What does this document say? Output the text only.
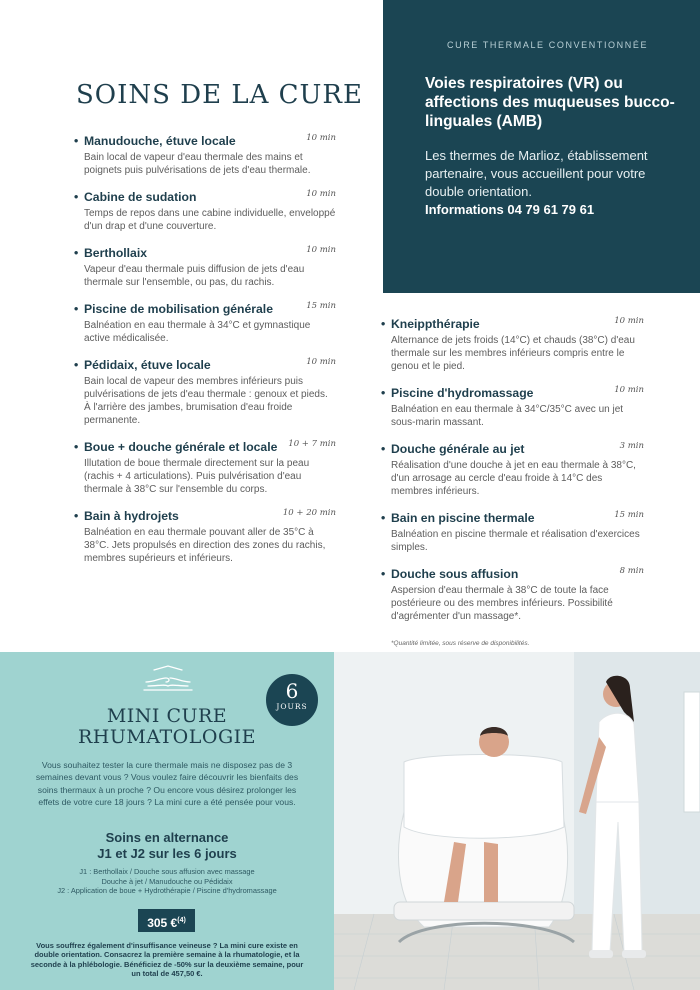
SOINS DE LA CURE
CURE THERMALE CONVENTIONNÉE
Voies respiratoires (VR) ou affections des muqueuses bucco-linguales (AMB)
Les thermes de Marlioz, établissement partenaire, vous accueillent pour votre double orientation.
Informations 04 79 61 79 61
• Manudouche, étuve locale	10 min
Bain local de vapeur d'eau thermale des mains et poignets puis pulvérisations de jets d'eau thermale.
• Cabine de sudation	10 min
Temps de repos dans une cabine individuelle, enveloppé d'un drap et d'une couverture.
• Berthollaix	10 min
Vapeur d'eau thermale puis diffusion de jets d'eau thermale sur l'ensemble, ou pas, du rachis.
• Piscine de mobilisation générale	15 min
Balnéation en eau thermale à 34°C et gymnastique active médicalisée.
• Pédidaix, étuve locale	10 min
Bain local de vapeur des membres inférieurs puis pulvérisations de jets d'eau thermale : genoux et pieds. À l'arrière des jambes, brumisation d'eau froide permanente.
• Boue + douche générale et locale	10 + 7 min
Illutation de boue thermale directement sur la peau (rachis + 4 articulations). Puis pulvérisation d'eau thermale à 38°C sur l'ensemble du corps.
• Bain à hydrojets	10 + 20 min
Balnéation en eau thermale pouvant aller de 35°C à 38°C. Jets propulsés en direction des zones du rachis, membres supérieurs et inférieurs.
• Kneippthérapie	10 min
Alternance de jets froids (14°C) et chauds (38°C) d'eau thermale sur les membres inférieurs compris entre le genou et le pied.
• Piscine d'hydromassage	10 min
Balnéation en eau thermale à 34°C/35°C avec un jet sous-marin massant.
• Douche générale au jet	3 min
Réalisation d'une douche à jet en eau thermale à 38°C, d'un arrosage au cercle d'eau froide à 14°C des membres inférieurs.
• Bain en piscine thermale	15 min
Balnéation en piscine thermale et réalisation d'exercices simples.
• Douche sous affusion	8 min
Aspersion d'eau thermale à 38°C de toute la face postérieure ou des membres inférieurs. Possibilité d'agrémenter d'un massage*.
*Quantité limitée, sous réserve de disponibilités.
MINI CURE
RHUMATOLOGIE
Vous souhaitez tester la cure thermale mais ne disposez pas de 3 semaines devant vous ? Vous voulez faire découvrir les bienfaits des soins thermaux à un proche ? Ou encore vous désirez prolonger les effets de votre cure 18 jours ? La mini cure a été pensée pour vous.
Soins en alternance
J1 et J2 sur les 6 jours
J1 : Berthollaix / Douche sous affusion avec massage
Douche à jet / Manudouche ou Pédidaix
J2 : Application de boue + Hydrothérapie / Piscine d'hydromassage
305 €$^{(4)}$
Vous souffrez également d'insuffisance veineuse ? La mini cure existe en double orientation. Consacrez la première semaine à la rhumatologie, et la seconde à la phlébologie. Bénéficiez de -50% sur la deuxième semaine, pour un total de 457,50 €.
6
JOURS
